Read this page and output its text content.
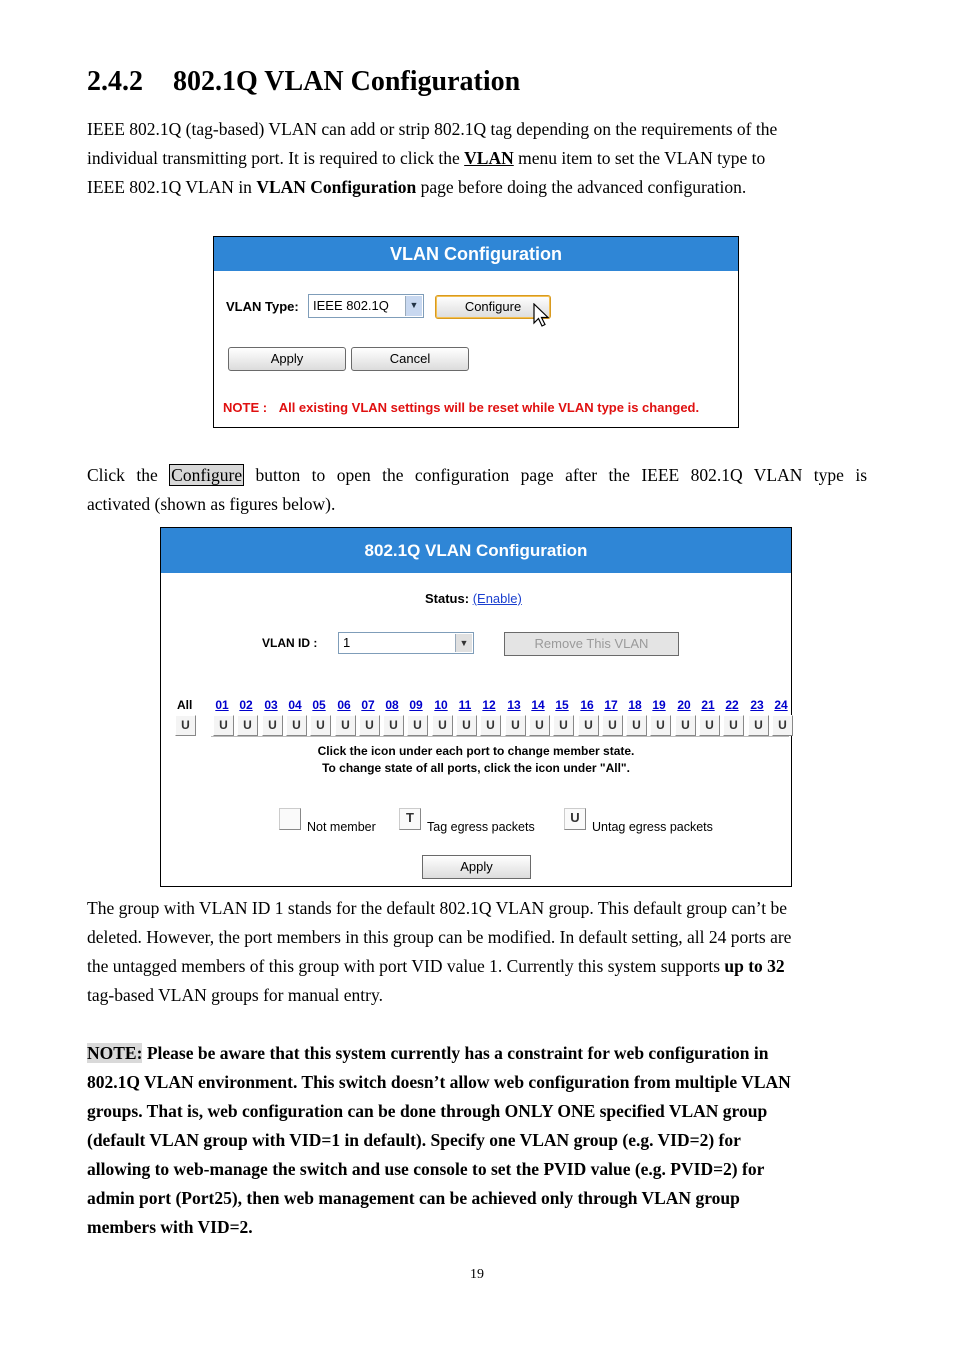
2.4.2 802.1Q VLAN Configuration

IEEE 802.1Q (tag-based) VLAN can add or strip 802.1Q tag depending on the requirements of the
individual transmitting port. It is required to click the VLAN menu item to set the VLAN type to
IEEE 802.1Q VLAN in VLAN Configuration page before doing the advanced configuration.

VLAN Configuration
VLAN Type:	IEEE 802.1Q	▼	Configure
Apply	Cancel
NOTE : All existing VLAN settings will be reset while VLAN type is changed.

Click the Configure button to open the configuration page after the IEEE 802.1Q VLAN type is
activated (shown as figures below).

802.1Q VLAN Configuration
Status: (Enable)
VLAN ID :	1	▼	Remove This VLAN
All
U
01 02 03 04 05 06 07 08 09 10 11 12 13 14 15 16 17 18 19 20 21 22 23 24
U	U	U	U	U	U	U	U	U	U	U	U	U	U	U	U	U	U	U	U	U	U	U	U
Click the icon under each port to change member state.
To change state of all ports, click the icon under "All".
Not member
T
Tag egress packets
U
Untag egress packets
Apply

The group with VLAN ID 1 stands for the default 802.1Q VLAN group. This default group can’t be
deleted. However, the port members in this group can be modified. In default setting, all 24 ports are
the untagged members of this group with port VID value 1. Currently this system supports up to 32
tag-based VLAN groups for manual entry.

NOTE: Please be aware that this system currently has a constraint for web configuration in
802.1Q VLAN environment. This switch doesn’t allow web configuration from multiple VLAN
groups. That is, web configuration can be done through ONLY ONE specified VLAN group
(default VLAN group with VID=1 in default). Specify one VLAN group (e.g. VID=2) for
allowing to web-manage the switch and use console to set the PVID value (e.g. PVID=2) for
admin port (Port25), then web management can be achieved only through VLAN group
members with VID=2.

19
